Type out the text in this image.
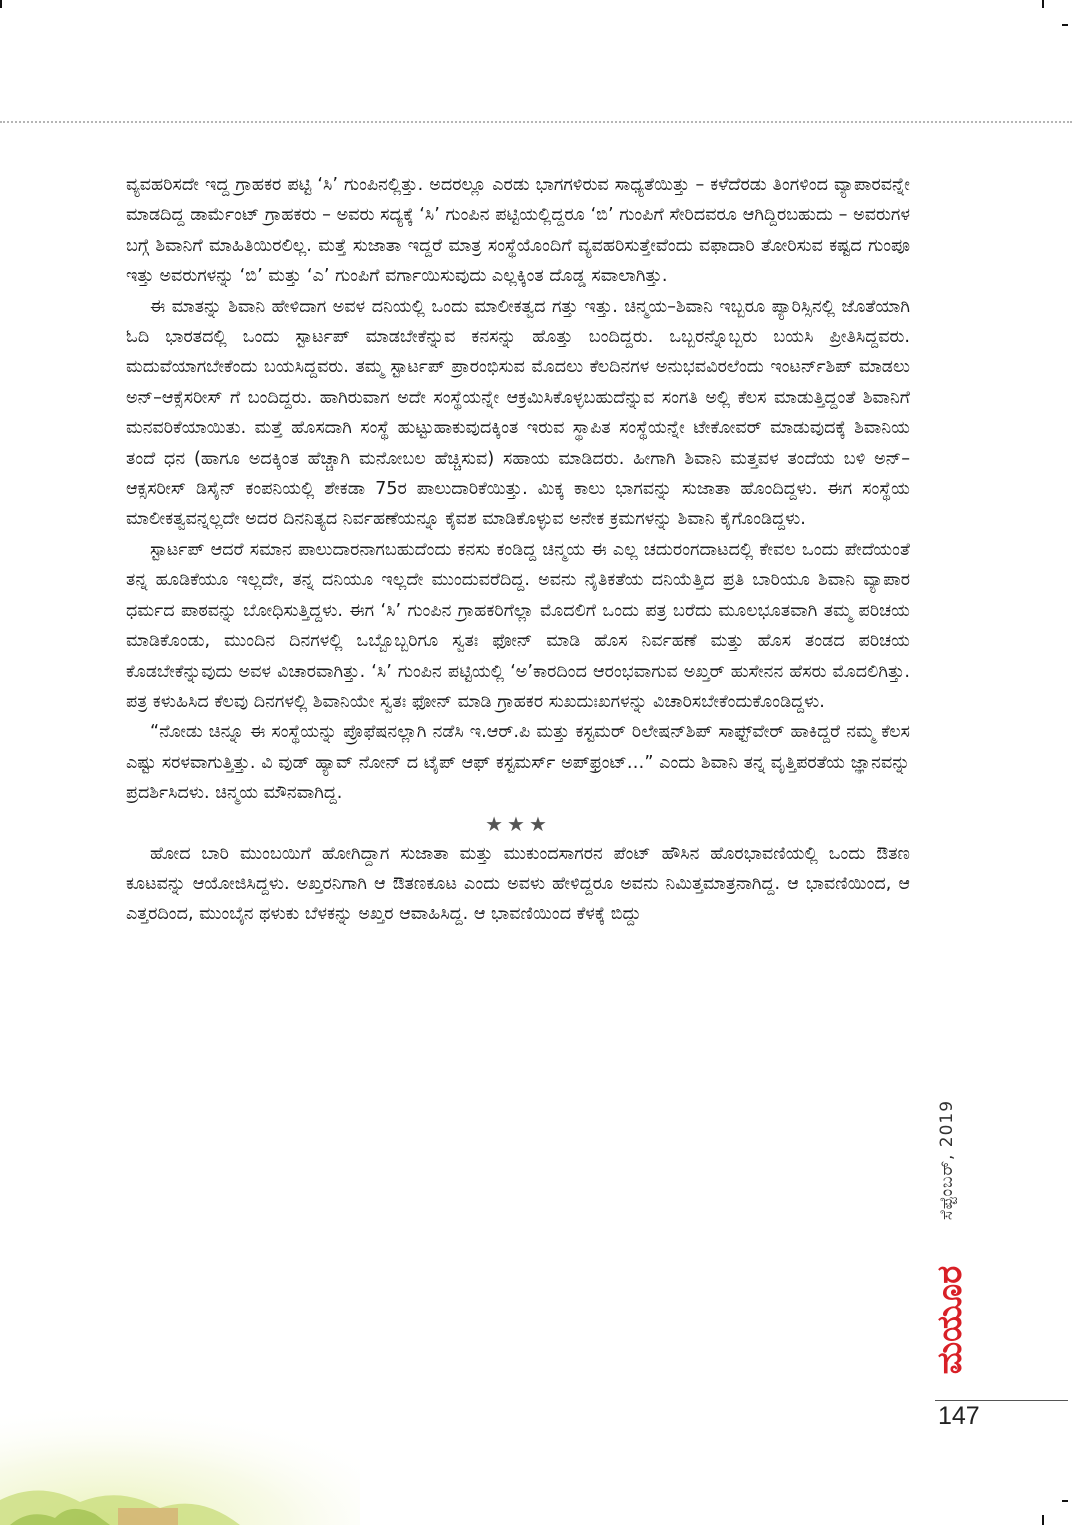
ವ್ಯವಹರಿಸದೇ ಇದ್ದ ಗ್ರಾಹಕರ ಪಟ್ಟಿ ‘ಸಿ’ ಗುಂಪಿನಲ್ಲಿತ್ತು. ಅದರಲ್ಲೂ ಎರಡು ಭಾಗಗಳಿರುವ ಸಾಧ್ಯತೆಯಿತ್ತು – ಕಳೆದೆರಡು ತಿಂಗಳಿಂದ ವ್ಯಾಪಾರವನ್ನೇ ಮಾಡದಿದ್ದ ಡಾರ್ಮೆಂಟ್ ಗ್ರಾಹಕರು – ಅವರು ಸದ್ಯಕ್ಕೆ ‘ಸಿ’ ಗುಂಪಿನ ಪಟ್ಟಿಯಲ್ಲಿದ್ದರೂ ‘ಬಿ’ ಗುಂಪಿಗೆ ಸೇರಿದವರೂ ಆಗಿದ್ದಿರಬಹುದು – ಅವರುಗಳ ಬಗ್ಗೆ ಶಿವಾನಿಗೆ ಮಾಹಿತಿಯಿರಲಿಲ್ಲ. ಮತ್ತೆ ಸುಜಾತಾ ಇದ್ದರೆ ಮಾತ್ರ ಸಂಸ್ಥೆಯೊಂದಿಗೆ ವ್ಯವಹರಿಸುತ್ತೇವೆಂದು ವಫಾದಾರಿ ತೋರಿಸುವ ಕಷ್ಟದ ಗುಂಪೂ ಇತ್ತು ಅವರುಗಳನ್ನು ‘ಬಿ’ ಮತ್ತು ‘ಎ’ ಗುಂಪಿಗೆ ವರ್ಗಾಯಿಸುವುದು ಎಲ್ಲಕ್ಕಿಂತ ದೊಡ್ಡ ಸವಾಲಾಗಿತ್ತು.

ಈ ಮಾತನ್ನು ಶಿವಾನಿ ಹೇಳಿದಾಗ ಅವಳ ದನಿಯಲ್ಲಿ ಒಂದು ಮಾಲೀಕತ್ವದ ಗತ್ತು ಇತ್ತು. ಚಿನ್ಮಯ–ಶಿವಾನಿ ಇಬ್ಬರೂ ಪ್ಯಾರಿಸ್ಸಿನಲ್ಲಿ ಜೊತೆಯಾಗಿ ಓದಿ ಭಾರತದಲ್ಲಿ ಒಂದು ಸ್ಟಾರ್ಟಪ್ ಮಾಡಬೇಕೆನ್ನುವ ಕನಸನ್ನು ಹೊತ್ತು ಬಂದಿದ್ದರು. ಒಬ್ಬರನ್ನೊಬ್ಬರು ಬಯಸಿ ಪ್ರೀತಿಸಿದ್ದವರು. ಮದುವೆಯಾಗಬೇಕೆಂದು ಬಯಸಿದ್ದವರು. ತಮ್ಮ ಸ್ಟಾರ್ಟಪ್ ಪ್ರಾರಂಭಿಸುವ ಮೊದಲು ಕೆಲದಿನಗಳ ಅನುಭವವಿರಲೆಂದು ಇಂಟರ್ನ್‌ಶಿಪ್ ಮಾಡಲು ಅನ್–ಆಕ್ಸೆಸರೀಸ್ ಗೆ ಬಂದಿದ್ದರು. ಹಾಗಿರುವಾಗ ಅದೇ ಸಂಸ್ಥೆಯನ್ನೇ ಆಕ್ರಮಿಸಿಕೊಳ್ಳಬಹುದೆನ್ನುವ ಸಂಗತಿ ಅಲ್ಲಿ ಕೆಲಸ ಮಾಡುತ್ತಿದ್ದಂತೆ ಶಿವಾನಿಗೆ ಮನವರಿಕೆಯಾಯಿತು. ಮತ್ತೆ ಹೊಸದಾಗಿ ಸಂಸ್ಥೆ ಹುಟ್ಟುಹಾಕುವುದಕ್ಕಿಂತ ಇರುವ ಸ್ಥಾಪಿತ ಸಂಸ್ಥೆಯನ್ನೇ ಟೇಕೋವರ್ ಮಾಡುವುದಕ್ಕೆ ಶಿವಾನಿಯ ತಂದೆ ಧನ (ಹಾಗೂ ಅದಕ್ಕಿಂತ ಹೆಚ್ಚಾಗಿ ಮನೋಬಲ ಹೆಚ್ಚಿಸುವ) ಸಹಾಯ ಮಾಡಿದರು. ಹೀಗಾಗಿ ಶಿವಾನಿ ಮತ್ತವಳ ತಂದೆಯ ಬಳಿ ಅನ್–ಆಕ್ಸಸರೀಸ್ ಡಿಸೈನ್ ಕಂಪನಿಯಲ್ಲಿ ಶೇಕಡಾ 75ರ ಪಾಲುದಾರಿಕೆಯಿತ್ತು. ಮಿಕ್ಕ ಕಾಲು ಭಾಗವನ್ನು ಸುಜಾತಾ ಹೊಂದಿದ್ದಳು. ಈಗ ಸಂಸ್ಥೆಯ ಮಾಲೀಕತ್ವವನ್ನಲ್ಲದೇ ಅದರ ದಿನನಿತ್ಯದ ನಿರ್ವಹಣೆಯನ್ನೂ ಕೈವಶ ಮಾಡಿಕೊಳ್ಳುವ ಅನೇಕ ಕ್ರಮಗಳನ್ನು ಶಿವಾನಿ ಕೈಗೊಂಡಿದ್ದಳು.

ಸ್ಟಾರ್ಟಪ್ ಆದರೆ ಸಮಾನ ಪಾಲುದಾರನಾಗಬಹುದೆಂದು ಕನಸು ಕಂಡಿದ್ದ ಚಿನ್ಮಯ ಈ ಎಲ್ಲ ಚದುರಂಗದಾಟದಲ್ಲಿ ಕೇವಲ ಒಂದು ಪೇದೆಯಂತೆ ತನ್ನ ಹೂಡಿಕೆಯೂ ಇಲ್ಲದೇ, ತನ್ನ ದನಿಯೂ ಇಲ್ಲದೇ ಮುಂದುವರೆದಿದ್ದ. ಅವನು ನೈತಿಕತೆಯ ದನಿಯೆತ್ತಿದ ಪ್ರತಿ ಬಾರಿಯೂ ಶಿವಾನಿ ವ್ಯಾಪಾರ ಧರ್ಮದ ಪಾಠವನ್ನು ಬೋಧಿಸುತ್ತಿದ್ದಳು. ಈಗ ‘ಸಿ’ ಗುಂಪಿನ ಗ್ರಾಹಕರಿಗೆಲ್ಲಾ ಮೊದಲಿಗೆ ಒಂದು ಪತ್ರ ಬರೆದು ಮೂಲಭೂತವಾಗಿ ತಮ್ಮ ಪರಿಚಯ ಮಾಡಿಕೊಂಡು, ಮುಂದಿನ ದಿನಗಳಲ್ಲಿ ಒಬ್ಬೊಬ್ಬರಿಗೂ ಸ್ವತಃ ಫೋನ್ ಮಾಡಿ ಹೊಸ ನಿರ್ವಹಣೆ ಮತ್ತು ಹೊಸ ತಂಡದ ಪರಿಚಯ ಕೊಡಬೇಕೆನ್ನುವುದು ಅವಳ ವಿಚಾರವಾಗಿತ್ತು. ‘ಸಿ’ ಗುಂಪಿನ ಪಟ್ಟಿಯಲ್ಲಿ ‘ಅ’ಕಾರದಿಂದ ಆರಂಭವಾಗುವ ಅಖ್ತರ್ ಹುಸೇನನ ಹೆಸರು ಮೊದಲಿಗಿತ್ತು. ಪತ್ರ ಕಳುಹಿಸಿದ ಕೆಲವು ದಿನಗಳಲ್ಲಿ ಶಿವಾನಿಯೇ ಸ್ವತಃ ಫೋನ್ ಮಾಡಿ ಗ್ರಾಹಕರ ಸುಖದುಃಖಗಳನ್ನು ವಿಚಾರಿಸಬೇಕೆಂದುಕೊಂಡಿದ್ದಳು.

“ನೋಡು ಚಿನ್ನೂ ಈ ಸಂಸ್ಥೆಯನ್ನು ಪ್ರೊಫೆಷನಲ್ಲಾಗಿ ನಡೆಸಿ ಇ.ಆರ್.ಪಿ ಮತ್ತು ಕಸ್ಟಮರ್ ರಿಲೇಷನ್‌ಶಿಪ್ ಸಾಫ್ಟ್‌ವೇರ್ ಹಾಕಿದ್ದರೆ ನಮ್ಮ ಕೆಲಸ ಎಷ್ಟು ಸರಳವಾಗುತ್ತಿತ್ತು. ವಿ ವುಡ್ ಹ್ಯಾವ್ ನೋನ್ ದ ಟೈಪ್ ಆಫ್ ಕಸ್ಟಮರ್ಸ್ ಅಪ್‌ಫ್ರಂಟ್…” ಎಂದು ಶಿವಾನಿ ತನ್ನ ವೃತ್ತಿಪರತೆಯ ಜ್ಞಾನವನ್ನು ಪ್ರದರ್ಶಿಸಿದಳು. ಚಿನ್ಮಯ ಮೌನವಾಗಿದ್ದ.

★★★

ಹೋದ ಬಾರಿ ಮುಂಬಯಿಗೆ ಹೋಗಿದ್ದಾಗ ಸುಜಾತಾ ಮತ್ತು ಮುಕುಂದಸಾಗರನ ಪೆಂಟ್ ಹೌಸಿನ ಹೊರಭಾವಣಿಯಲ್ಲಿ ಒಂದು ಔತಣ ಕೂಟವನ್ನು ಆಯೋಜಿಸಿದ್ದಳು. ಅಖ್ತರನಿಗಾಗಿ ಆ ಔತಣಕೂಟ ಎಂದು ಅವಳು ಹೇಳಿದ್ದರೂ ಅವನು ನಿಮಿತ್ತಮಾತ್ರನಾಗಿದ್ದ. ಆ ಭಾವಣಿಯಿಂದ, ಆ ಎತ್ತರದಿಂದ, ಮುಂಬೈನ ಥಳುಕು ಬೆಳಕನ್ನು ಅಖ್ತರ ಆವಾಹಿಸಿದ್ದ. ಆ ಭಾವಣಿಯಿಂದ ಕೆಳಕ್ಕೆ ಬಿದ್ದು

ಸೆಪ್ಟೆಂಬರ್, 2019
ಮಯೂರ
147
